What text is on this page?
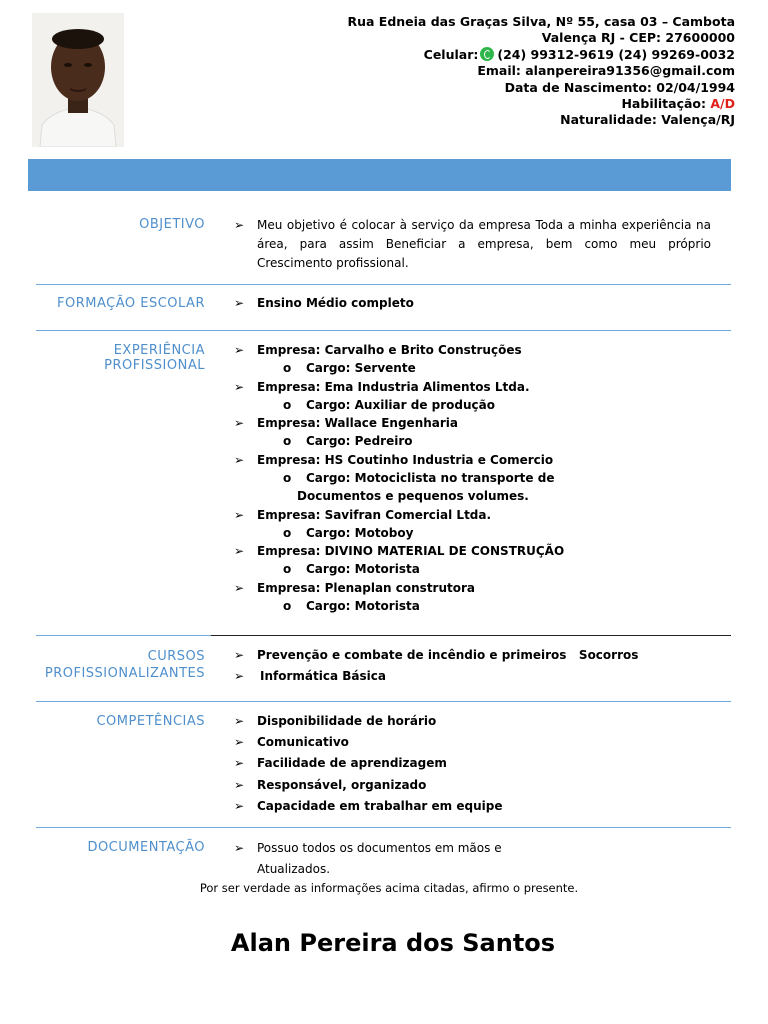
Rua Edneia das Graças Silva, Nº 55, casa 03 – Cambota
Valença RJ - CEP: 27600000
Celular: (24) 99312-9619 (24) 99269-0032
Email: alanpereira91356@gmail.com
Data de Nascimento: 02/04/1994
Habilitação: A/D
Naturalidade: Valença/RJ
OBJETIVO ➢	Meu objetivo é colocar à serviço da empresa Toda a minha experiência na área, para assim Beneficiar a empresa, bem como meu próprio Crescimento profissional.
FORMAÇÃO ESCOLAR ➢	Ensino Médio completo
EXPERIÊNCIA
PROFISSIONAL
➢	Empresa: Carvalho e Brito Construções
o Cargo: Servente
➢	Empresa: Ema Industria Alimentos Ltda.
o Cargo: Auxiliar de produção
➢	Empresa: Wallace Engenharia
o Cargo: Pedreiro
➢	Empresa: HS Coutinho Industria e Comercio
o Cargo: Motociclista no transporte de
Documentos e pequenos volumes.
➢	Empresa: Savifran Comercial Ltda.
o Cargo: Motoboy
➢	Empresa: DIVINO MATERIAL DE CONSTRUÇÃO
o Cargo: Motorista
➢	Empresa: Plenaplan construtora
o Cargo: Motorista
CURSOS
PROFISSIONALIZANTES
➢	Prevenção e combate de incêndio e primeiros   Socorros
➢	Informática Básica
COMPETÊNCIAS ➢	Disponibilidade de horário
➢	Comunicativo
➢	Facilidade de aprendizagem
➢	Responsável, organizado
➢	Capacidade em trabalhar em equipe
DOCUMENTAÇÃO ➢	Possuo todos os documentos em mãos e
Atualizados.
Por ser verdade as informações acima citadas, afirmo o presente.
Alan Pereira dos Santos
